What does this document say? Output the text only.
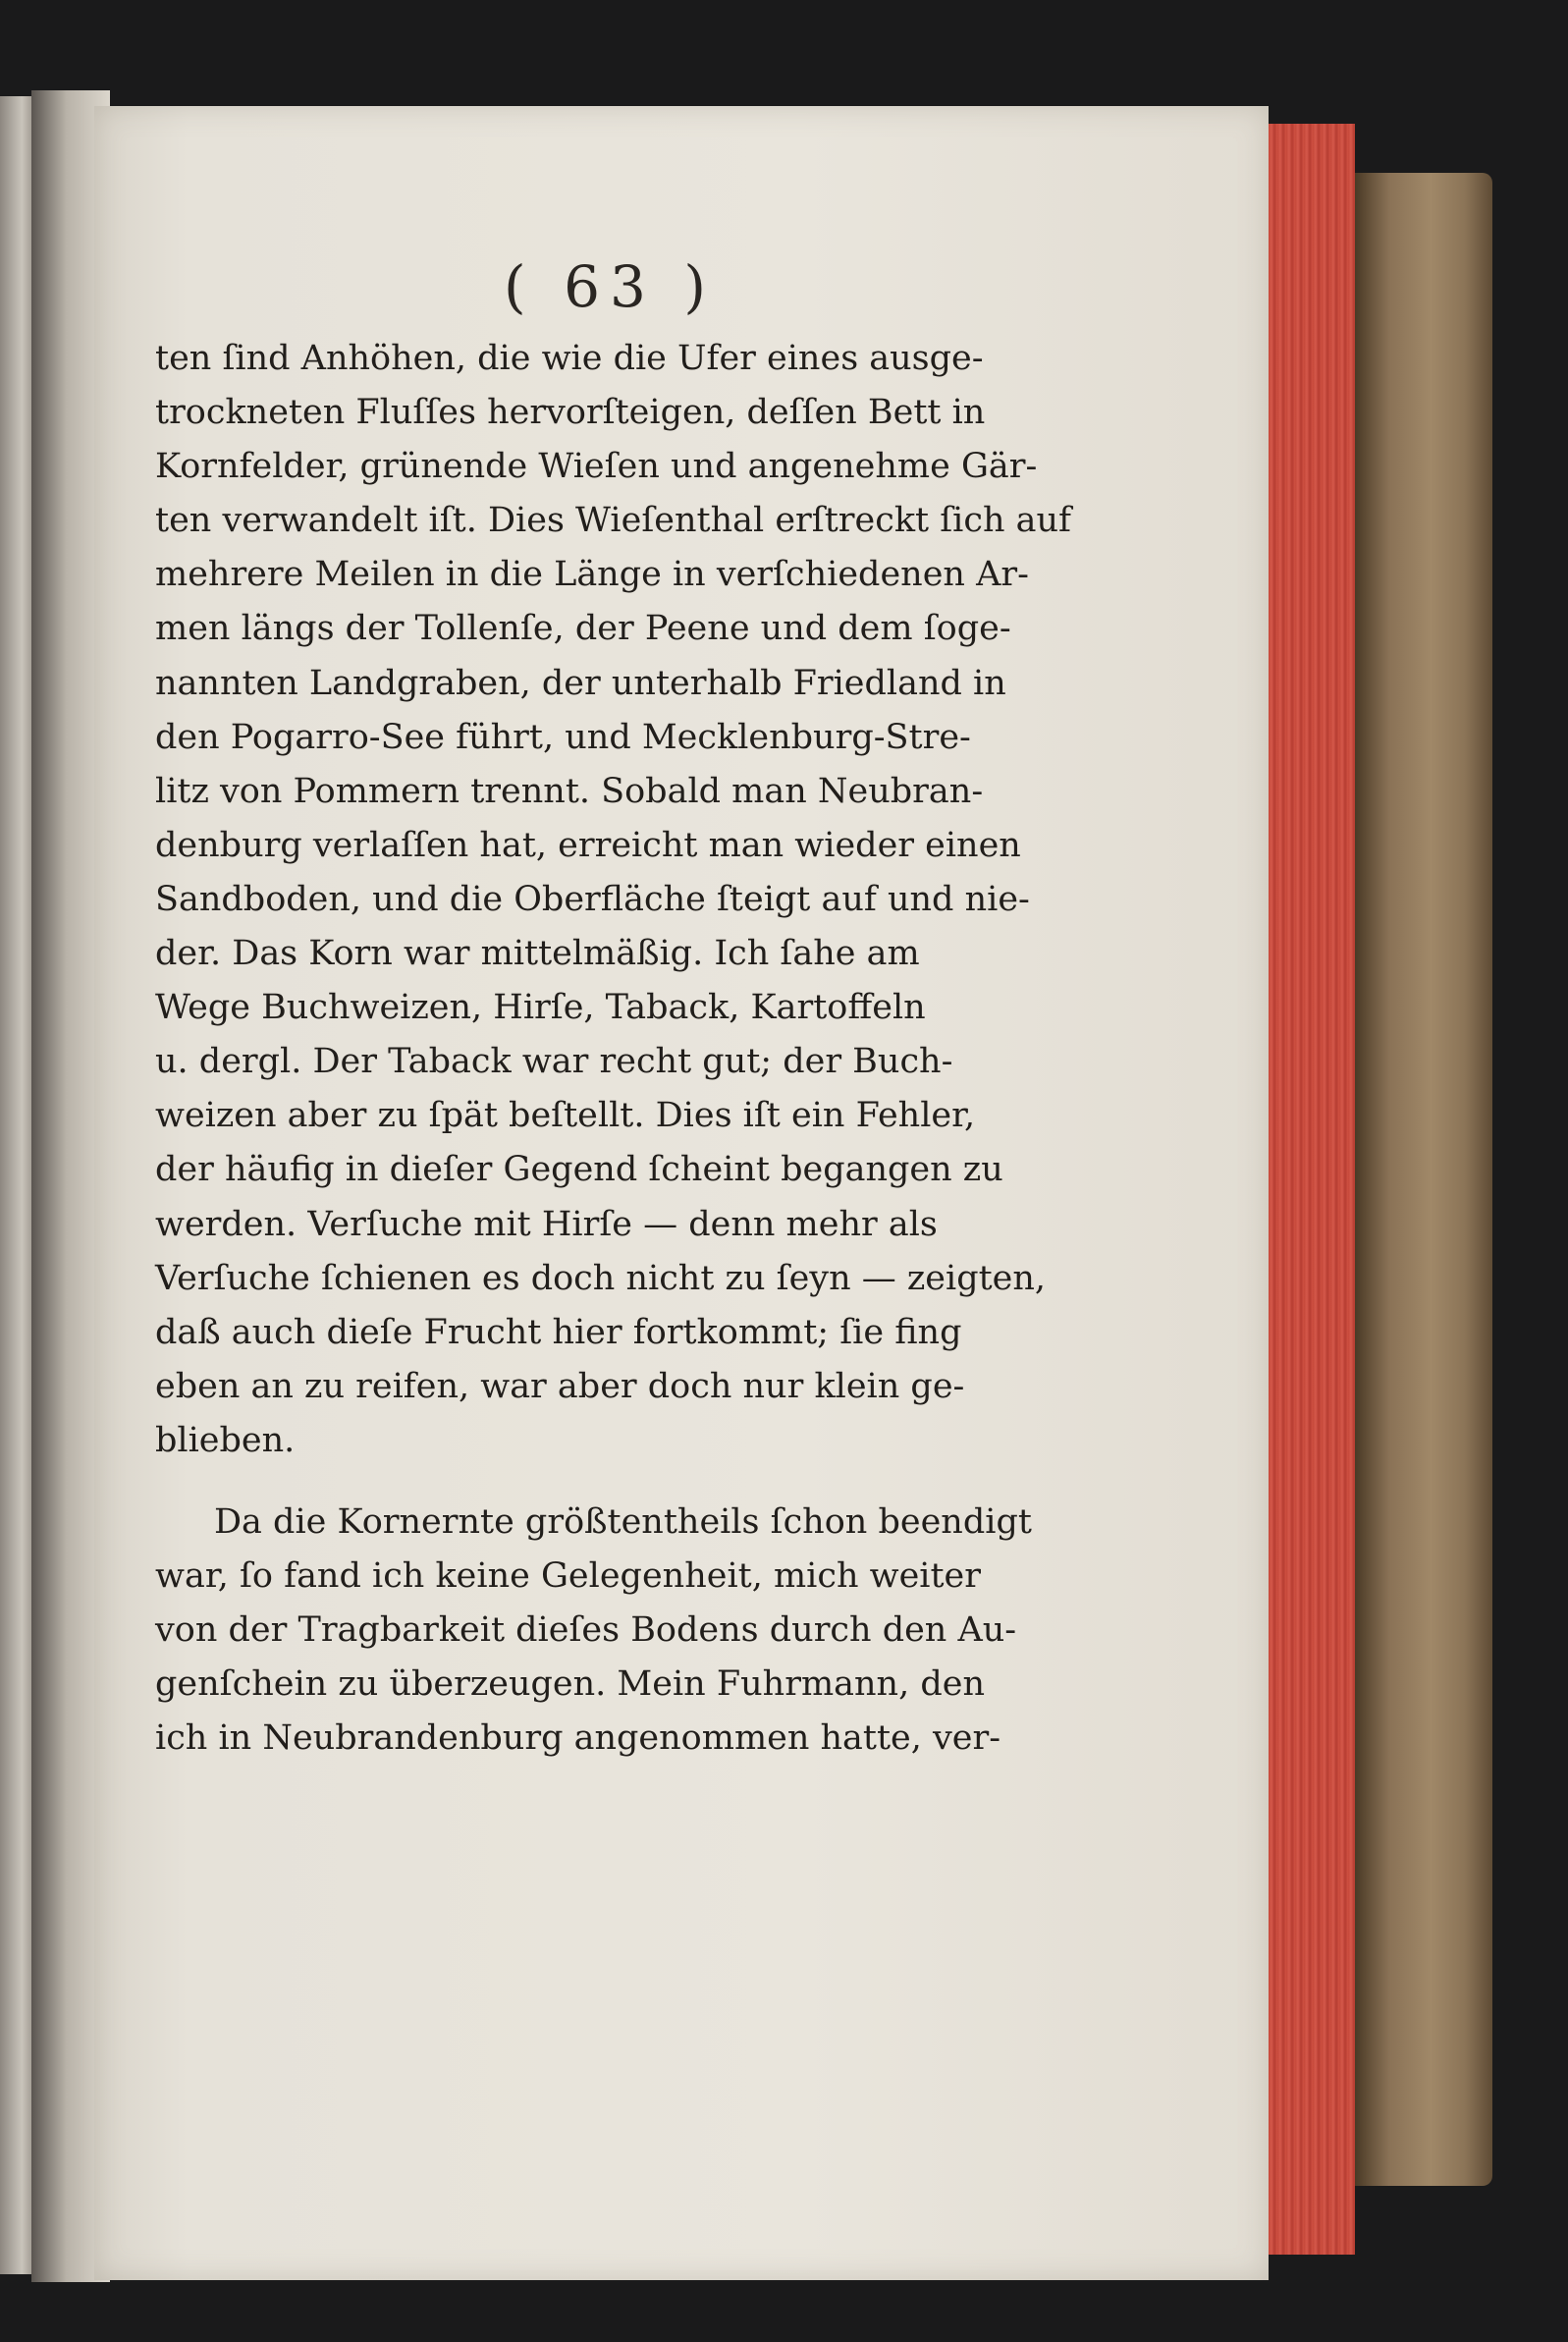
( 63 )
ten ſind Anhöhen, die wie die Ufer eines ausge-
trockneten Fluſſes hervorſteigen, deſſen Bett in
Kornfelder, grünende Wieſen und angenehme Gär-
ten verwandelt iſt. Dies Wieſenthal erſtreckt ſich auf
mehrere Meilen in die Länge in verſchiedenen Ar-
men längs der Tollenſe, der Peene und dem ſoge-
nannten Landgraben, der unterhalb Friedland in
den Pogarro-See führt, und Mecklenburg-Stre-
litz von Pommern trennt. Sobald man Neubran-
denburg verlaſſen hat, erreicht man wieder einen
Sandboden, und die Oberfläche ſteigt auf und nie-
der. Das Korn war mittelmäßig. Ich ſahe am
Wege Buchweizen, Hirſe, Taback, Kartoffeln
u. dergl. Der Taback war recht gut; der Buch-
weizen aber zu ſpät beſtellt. Dies iſt ein Fehler,
der häufig in dieſer Gegend ſcheint begangen zu
werden. Verſuche mit Hirſe — denn mehr als
Verſuche ſchienen es doch nicht zu ſeyn — zeigten,
daß auch dieſe Frucht hier fortkommt; ſie fing
eben an zu reifen, war aber doch nur klein ge-
blieben.
Da die Kornernte größtentheils ſchon beendigt
war, ſo fand ich keine Gelegenheit, mich weiter
von der Tragbarkeit dieſes Bodens durch den Au-
genſchein zu überzeugen. Mein Fuhrmann, den
ich in Neubrandenburg angenommen hatte, ver-
